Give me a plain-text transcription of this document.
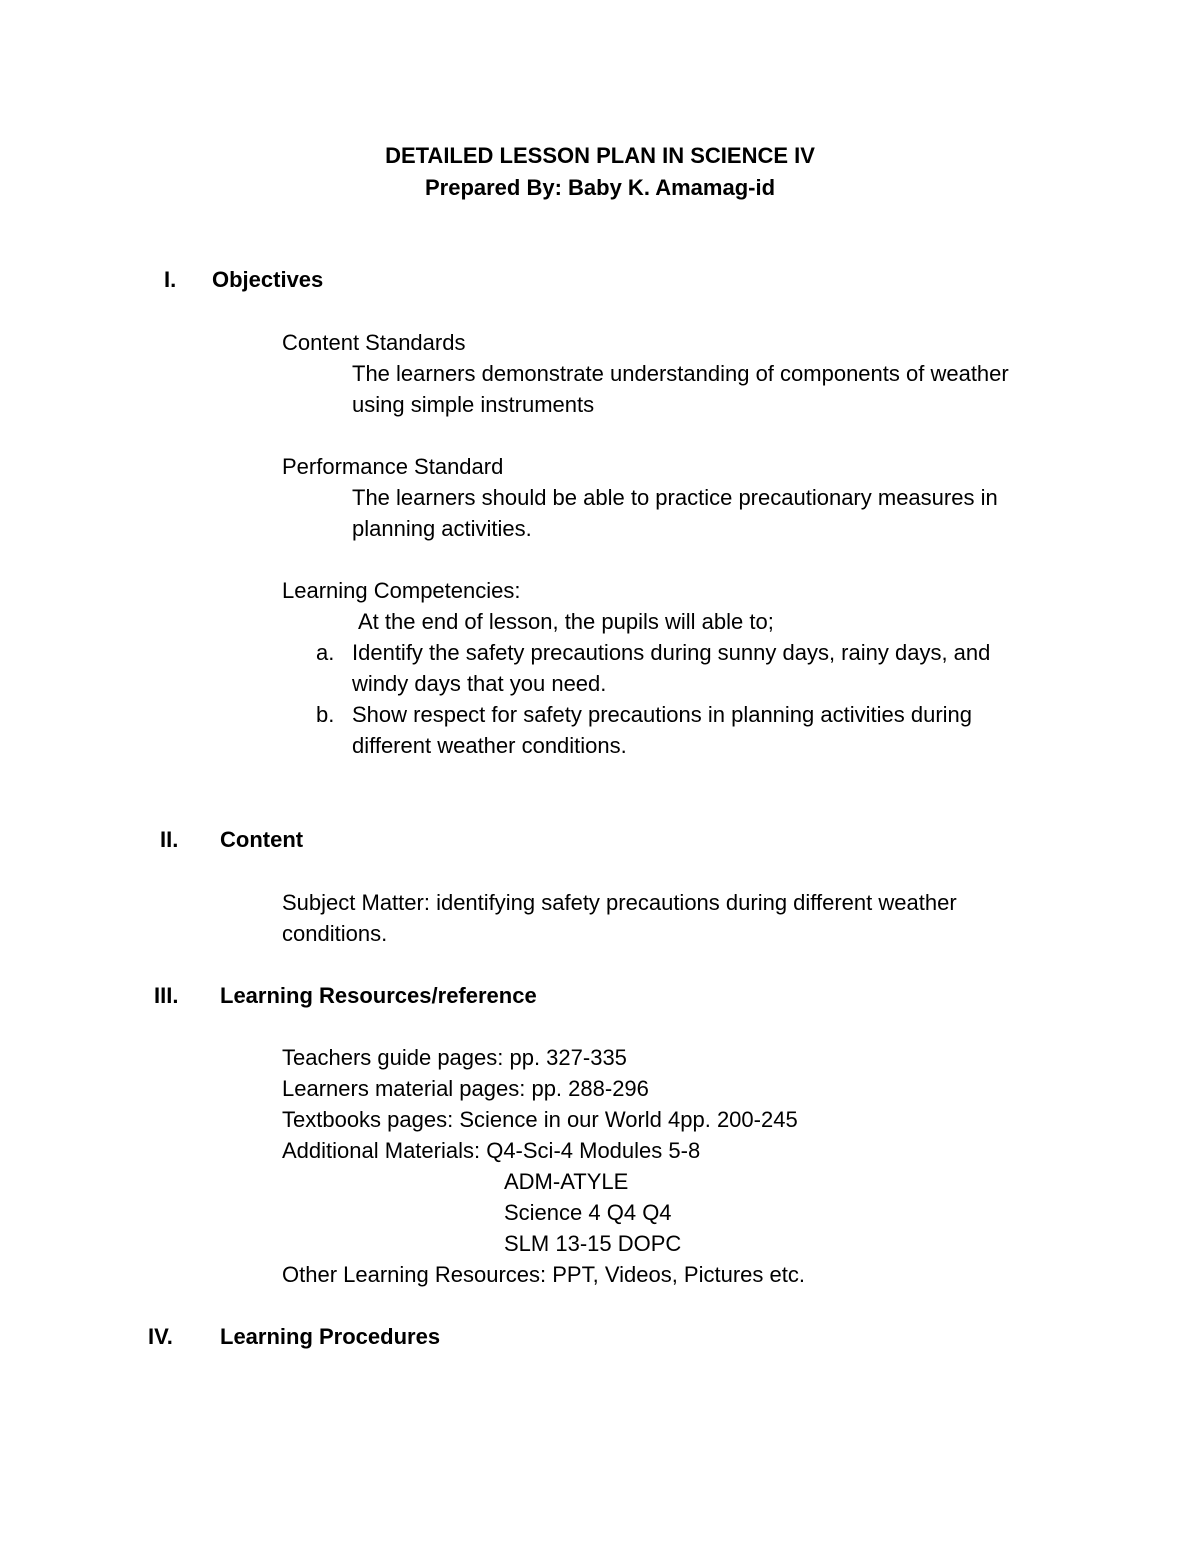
DETAILED LESSON PLAN IN SCIENCE IV
Prepared By: Baby K. Amamag-id
I. Objectives
Content Standards
The learners demonstrate understanding of components of weather
using simple instruments
Performance Standard
The learners should be able to practice precautionary measures in
planning activities.
Learning Competencies:
At the end of lesson, the pupils will able to;
a. Identify the safety precautions during sunny days, rainy days, and
windy days that you need.
b. Show respect for safety precautions in planning activities during
different weather conditions.
II. Content
Subject Matter: identifying safety precautions during different weather
conditions.
III. Learning Resources/reference
Teachers guide pages: pp. 327-335
Learners material pages: pp. 288-296
Textbooks pages: Science in our World 4pp. 200-245
Additional Materials: Q4-Sci-4 Modules 5-8
ADM-ATYLE
Science 4 Q4 Q4
SLM 13-15 DOPC
Other Learning Resources: PPT, Videos, Pictures etc.
IV. Learning Procedures
